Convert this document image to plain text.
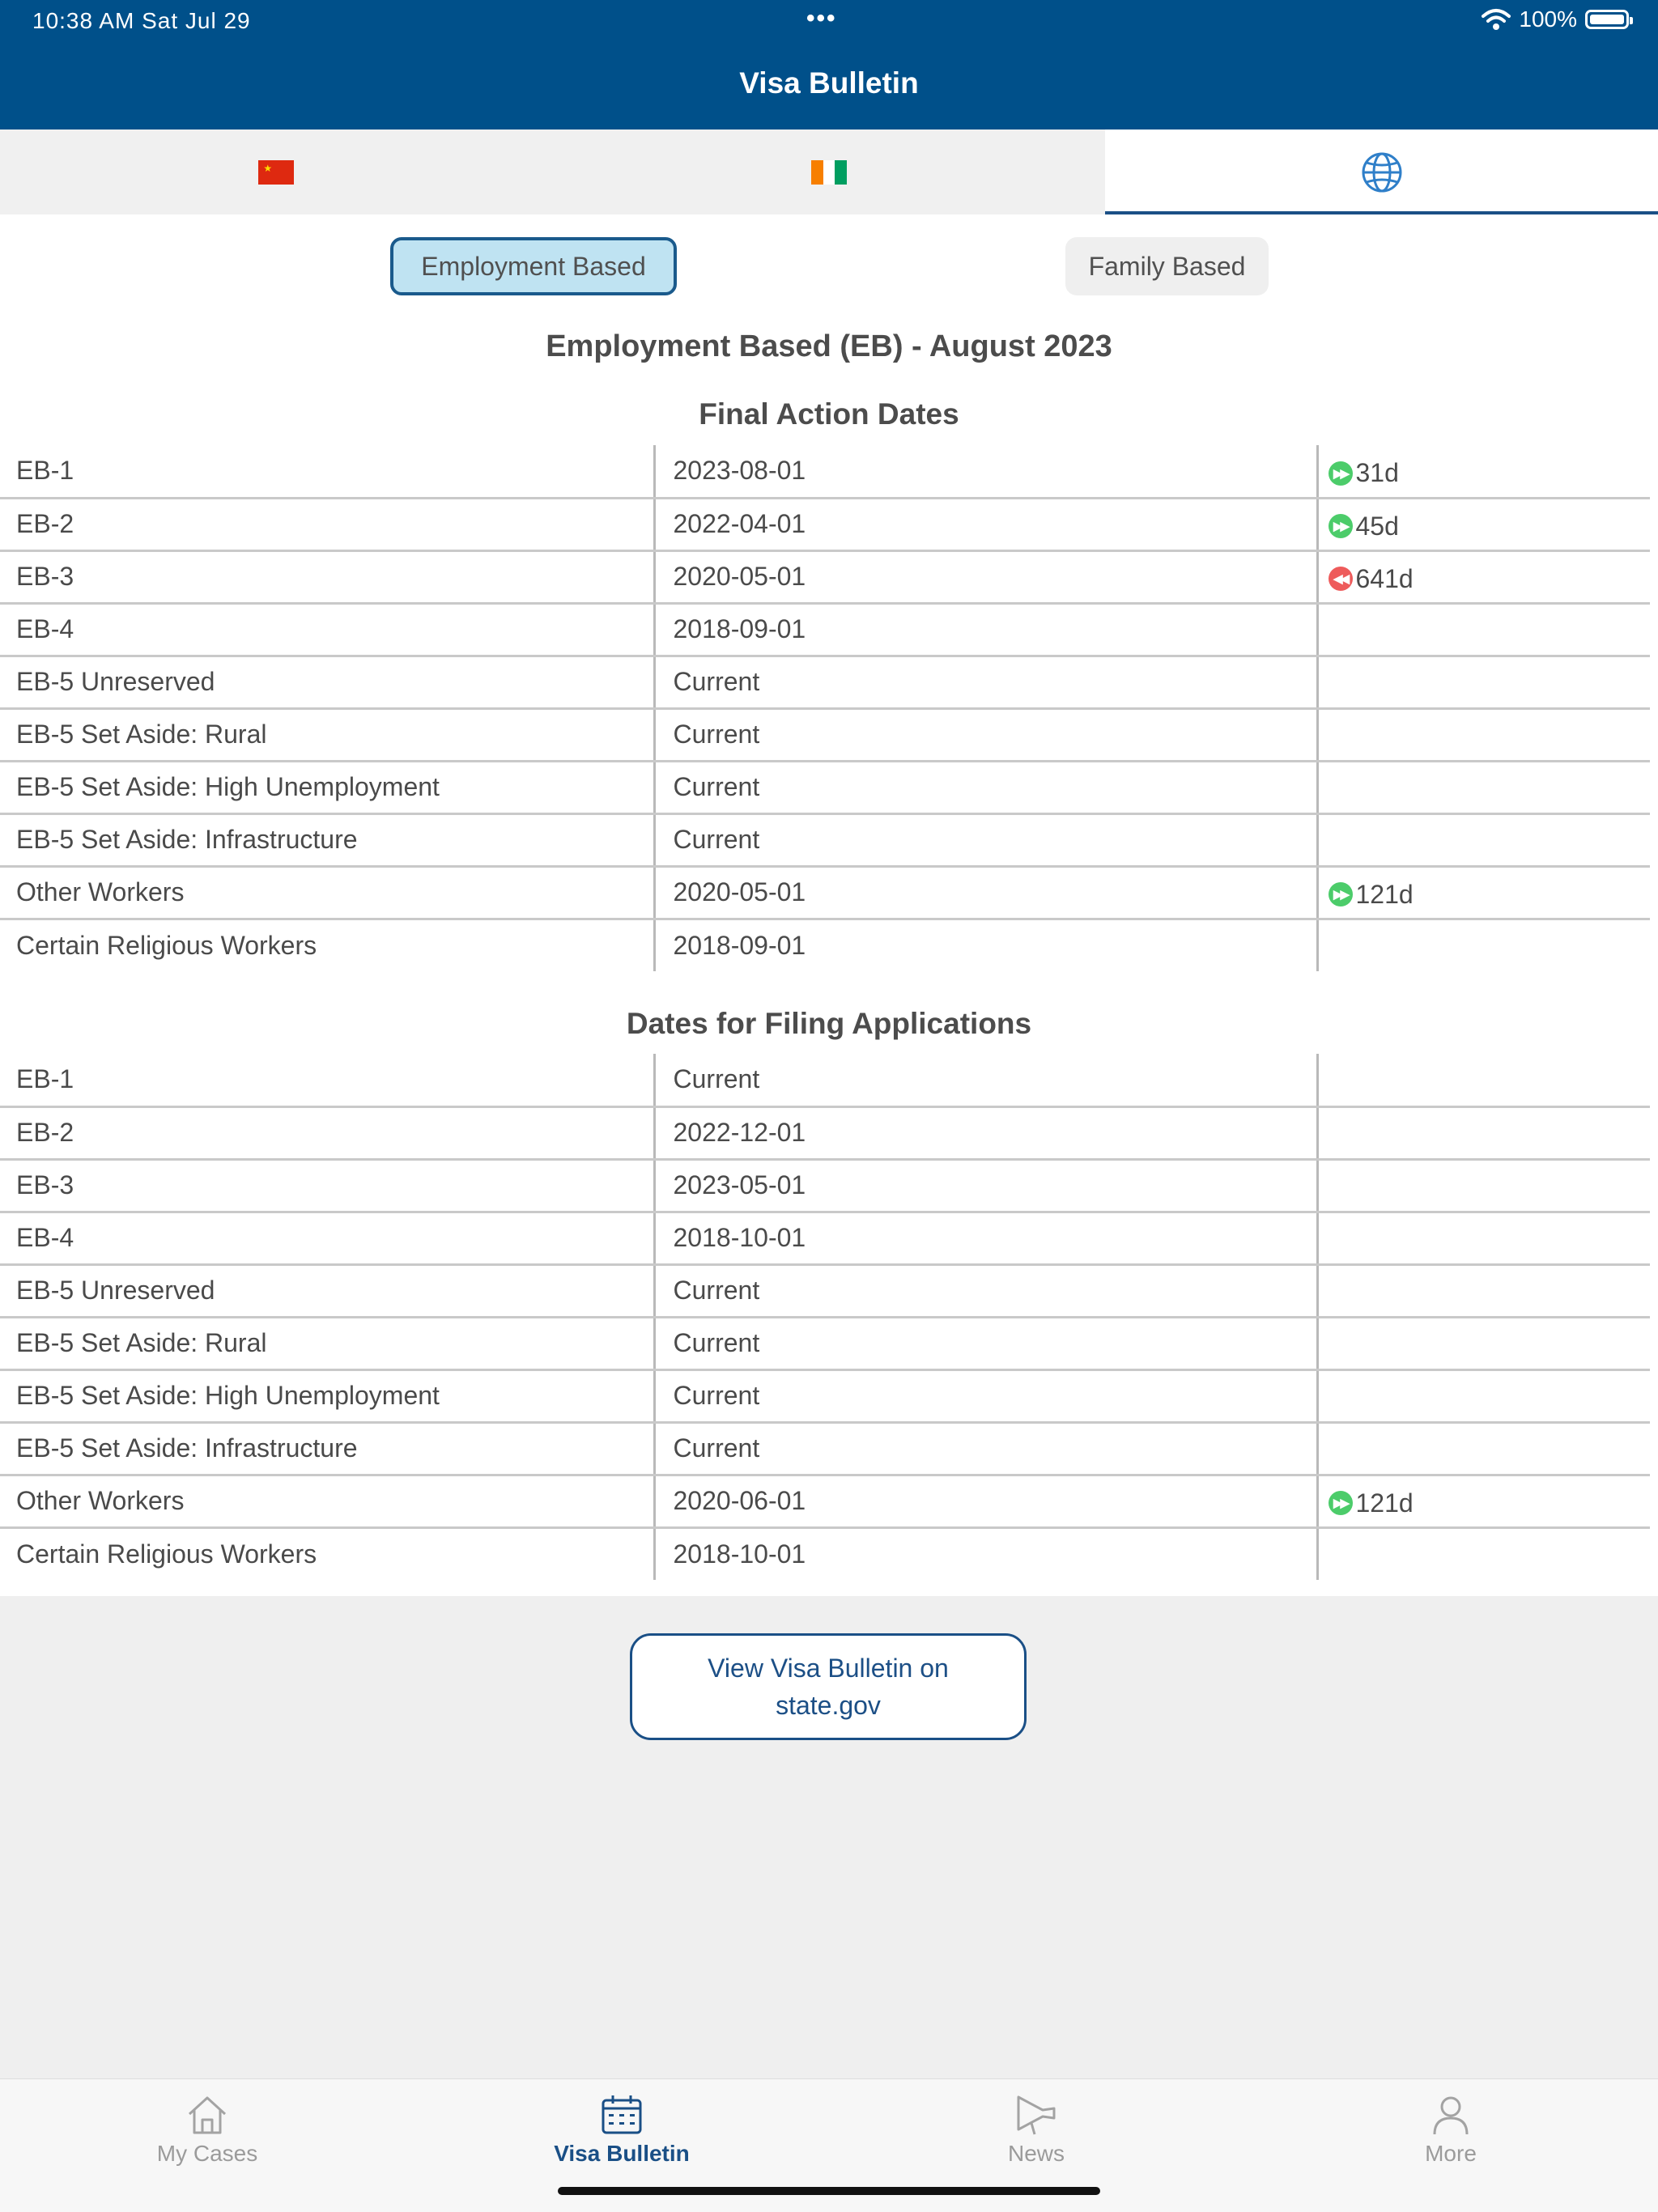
10:38 AM Sat Jul 29	•••	100%
Visa Bulletin
★
Employment Based	Family Based
Employment Based (EB) - August 2023
Final Action Dates
EB-1	2023-08-01	▶▶ 31d

EB-2	2022-04-01	▶▶ 45d

EB-3	2020-05-01	◀◀ 641d

EB-4	2018-09-01	
EB-5 Unreserved	Current	
EB-5 Set Aside: Rural	Current	
EB-5 Set Aside: High Unemployment	Current	
EB-5 Set Aside: Infrastructure	Current	
Other Workers	2020-05-01	▶▶ 121d

Certain Religious Workers	2018-09-01	
Dates for Filing Applications
EB-1	Current	
EB-2	2022-12-01	
EB-3	2023-05-01	
EB-4	2018-10-01	
EB-5 Unreserved	Current	
EB-5 Set Aside: Rural	Current	
EB-5 Set Aside: High Unemployment	Current	
EB-5 Set Aside: Infrastructure	Current	
Other Workers	2020-06-01	▶▶ 121d

Certain Religious Workers	2018-10-01	
View Visa Bulletin on state.gov
My Cases	Visa Bulletin	News	More
